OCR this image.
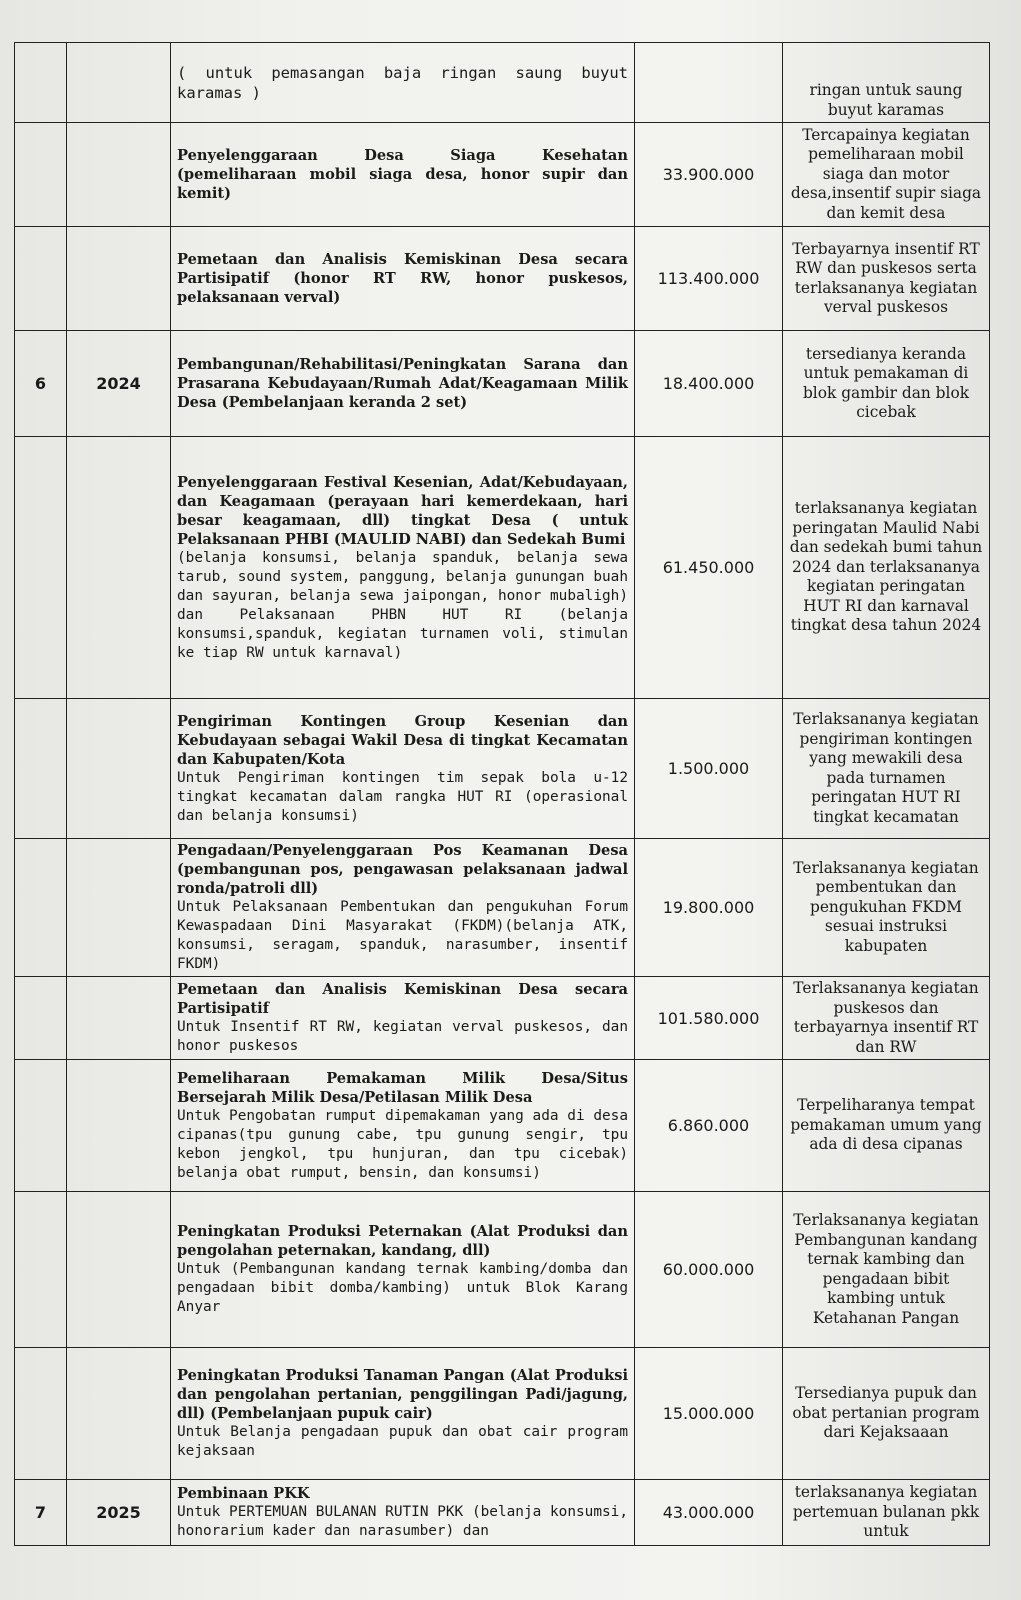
		( untuk pemasangan baja ringan saung buyut karamas )		ringan untuk saung buyut karamas

		Penyelenggaraan Desa Siaga Kesehatan (pemeliharaan mobil siaga desa, honor supir dan kemit)	33.900.000	Tercapainya kegiatan pemeliharaan mobil siaga dan motor desa,insentif supir siaga dan kemit desa

		Pemetaan dan Analisis Kemiskinan Desa secara Partisipatif (honor RT RW, honor puskesos, pelaksanaan verval)	113.400.000	Terbayarnya insentif RT RW dan puskesos serta terlaksananya kegiatan verval puskesos
6	2024	Pembangunan/Rehabilitasi/Peningkatan Sarana dan Prasarana Kebudayaan/Rumah Adat/Keagamaan Milik Desa (Pembelanjaan keranda 2 set)	18.400.000	tersedianya keranda untuk pemakaman di blok gambir dan blok cicebak

		Penyelenggaraan Festival Kesenian, Adat/Kebudayaan, dan Keagamaan (perayaan hari kemerdekaan, hari besar keagamaan, dll) tingkat Desa ( untuk Pelaksanaan PHBI (MAULID NABI) dan Sedekah Bumi
(belanja konsumsi, belanja spanduk, belanja sewa tarub, sound system, panggung, belanja gunungan buah dan sayuran, belanja sewa jaipongan, honor mubaligh) dan Pelaksanaan PHBN HUT RI (belanja konsumsi,spanduk, kegiatan turnamen voli, stimulan ke tiap RW untuk karnaval)	61.450.000	terlaksananya kegiatan peringatan Maulid Nabi dan sedekah bumi tahun 2024 dan terlaksananya kegiatan peringatan HUT RI dan karnaval tingkat desa tahun 2024

		Pengiriman Kontingen Group Kesenian dan Kebudayaan sebagai Wakil Desa di tingkat Kecamatan dan Kabupaten/Kota
Untuk Pengiriman kontingen tim sepak bola u-12 tingkat kecamatan dalam rangka HUT RI (operasional dan belanja konsumsi)	1.500.000	Terlaksananya kegiatan pengiriman kontingen yang mewakili desa pada turnamen peringatan HUT RI tingkat kecamatan

		Pengadaan/Penyelenggaraan Pos Keamanan Desa (pembangunan pos, pengawasan pelaksanaan jadwal ronda/patroli dll)
Untuk Pelaksanaan Pembentukan dan pengukuhan Forum Kewaspadaan Dini Masyarakat (FKDM)(belanja ATK, konsumsi, seragam, spanduk, narasumber, insentif FKDM)	19.800.000	Terlaksananya kegiatan pembentukan dan pengukuhan FKDM sesuai instruksi kabupaten

		Pemetaan dan Analisis Kemiskinan Desa secara Partisipatif
Untuk Insentif RT RW, kegiatan verval puskesos, dan honor puskesos	101.580.000	Terlaksananya kegiatan puskesos dan terbayarnya insentif RT dan RW

		Pemeliharaan Pemakaman Milik Desa/Situs Bersejarah Milik Desa/Petilasan Milik Desa
Untuk Pengobatan rumput dipemakaman yang ada di desa cipanas(tpu gunung cabe, tpu gunung sengir, tpu kebon jengkol, tpu hunjuran, dan tpu cicebak) belanja obat rumput, bensin, dan konsumsi)	6.860.000	Terpeliharanya tempat pemakaman umum yang ada di desa cipanas

		Peningkatan Produksi Peternakan (Alat Produksi dan pengolahan peternakan, kandang, dll)
Untuk (Pembangunan kandang ternak kambing/domba dan pengadaan bibit domba/kambing) untuk Blok Karang Anyar	60.000.000	Terlaksananya kegiatan Pembangunan kandang ternak kambing dan pengadaan bibit kambing untuk Ketahanan Pangan

		Peningkatan Produksi Tanaman Pangan (Alat Produksi dan pengolahan pertanian, penggilingan Padi/jagung, dll) (Pembelanjaan pupuk cair)
Untuk Belanja pengadaan pupuk dan obat cair program kejaksaan	15.000.000	Tersedianya pupuk dan obat pertanian program dari Kejaksaaan
7	2025	Pembinaan PKK
Untuk PERTEMUAN BULANAN RUTIN PKK (belanja konsumsi, honorarium kader dan narasumber) dan	43.000.000	terlaksananya kegiatan pertemuan bulanan pkk untuk
